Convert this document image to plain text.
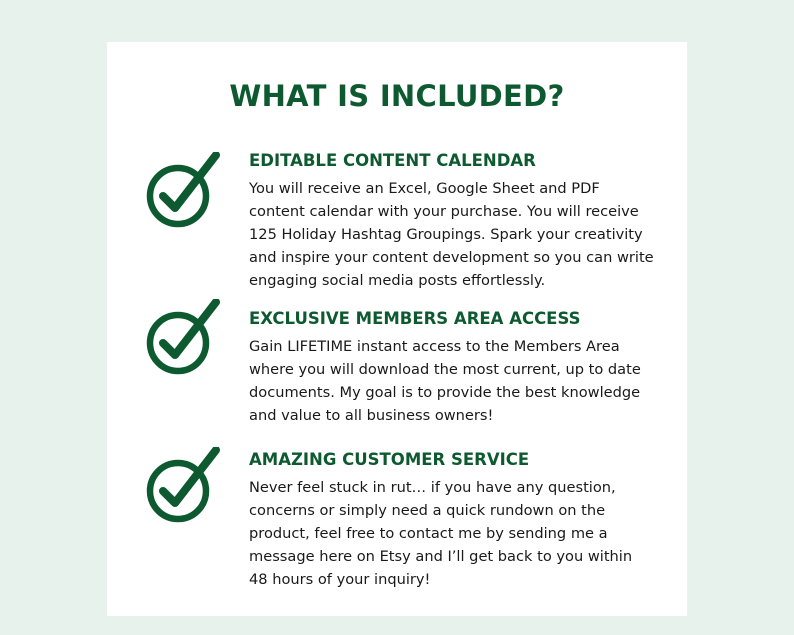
WHAT IS INCLUDED?
EDITABLE CONTENT CALENDAR

You will receive an Excel, Google Sheet and PDF content calendar with your purchase. You will receive 125 Holiday Hashtag Groupings. Spark your creativity and inspire your content development so you can write engaging social media posts effortlessly.

EXCLUSIVE MEMBERS AREA ACCESS

Gain LIFETIME instant access to the Members Area where you will download the most current, up to date documents. My goal is to provide the best knowledge and value to all business owners!

AMAZING CUSTOMER SERVICE

Never feel stuck in rut… if you have any question, concerns or simply need a quick rundown on the product, feel free to contact me by sending me a message here on Etsy and I’ll get back to you within 48 hours of your inquiry!
